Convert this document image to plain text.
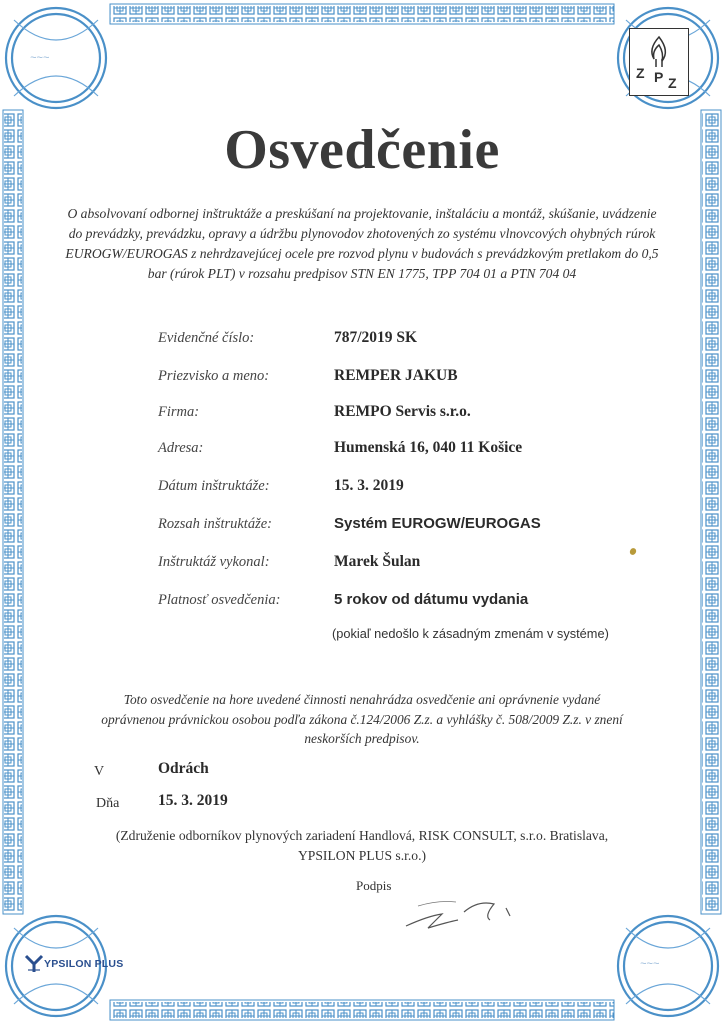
~~~
~~~
Z P Z
Osvedčenie
O absolvovaní odbornej inštruktáže a preskúšaní na projektovanie, inštaláciu a montáž, skúšanie, uvádzenie do prevádzky, prevádzku, opravy a údržbu plynovodov zhotovených zo systému vlnovcových ohybných rúrok EUROGW/EUROGAS z nehrdzavejúcej ocele pre rozvod plynu v budovách s prevádzkovým pretlakom do 0,5 bar (rúrok PLT) v rozsahu predpisov STN EN 1775, TPP 704 01 a PTN 704 04
Evidenčné číslo:	787/2019 SK
Priezvisko a meno:	REMPER JAKUB
Firma:	REMPO Servis s.r.o.
Adresa:	Humenská 16, 040 11 Košice
Dátum inštruktáže:	15. 3. 2019
Rozsah inštruktáže:	Systém EUROGW/EUROGAS
Inštruktáž vykonal:	Marek Šulan
Platnosť osvedčenia:	5 rokov od dátumu vydania
(pokiaľ nedošlo k zásadným zmenám v systéme)
Toto osvedčenie na hore uvedené činnosti nenahrádza osvedčenie ani oprávnenie vydané oprávnenou právnickou osobou podľa zákona č.124/2006 Z.z. a vyhlášky č. 508/2009 Z.z. v znení neskorších predpisov.
V	Odrách
Dňa 15. 3. 2019
(Združenie odborníkov plynových zariadení Handlová, RISK CONSULT, s.r.o. Bratislava, YPSILON PLUS s.r.o.)
Podpis
YPSILON PLUS
